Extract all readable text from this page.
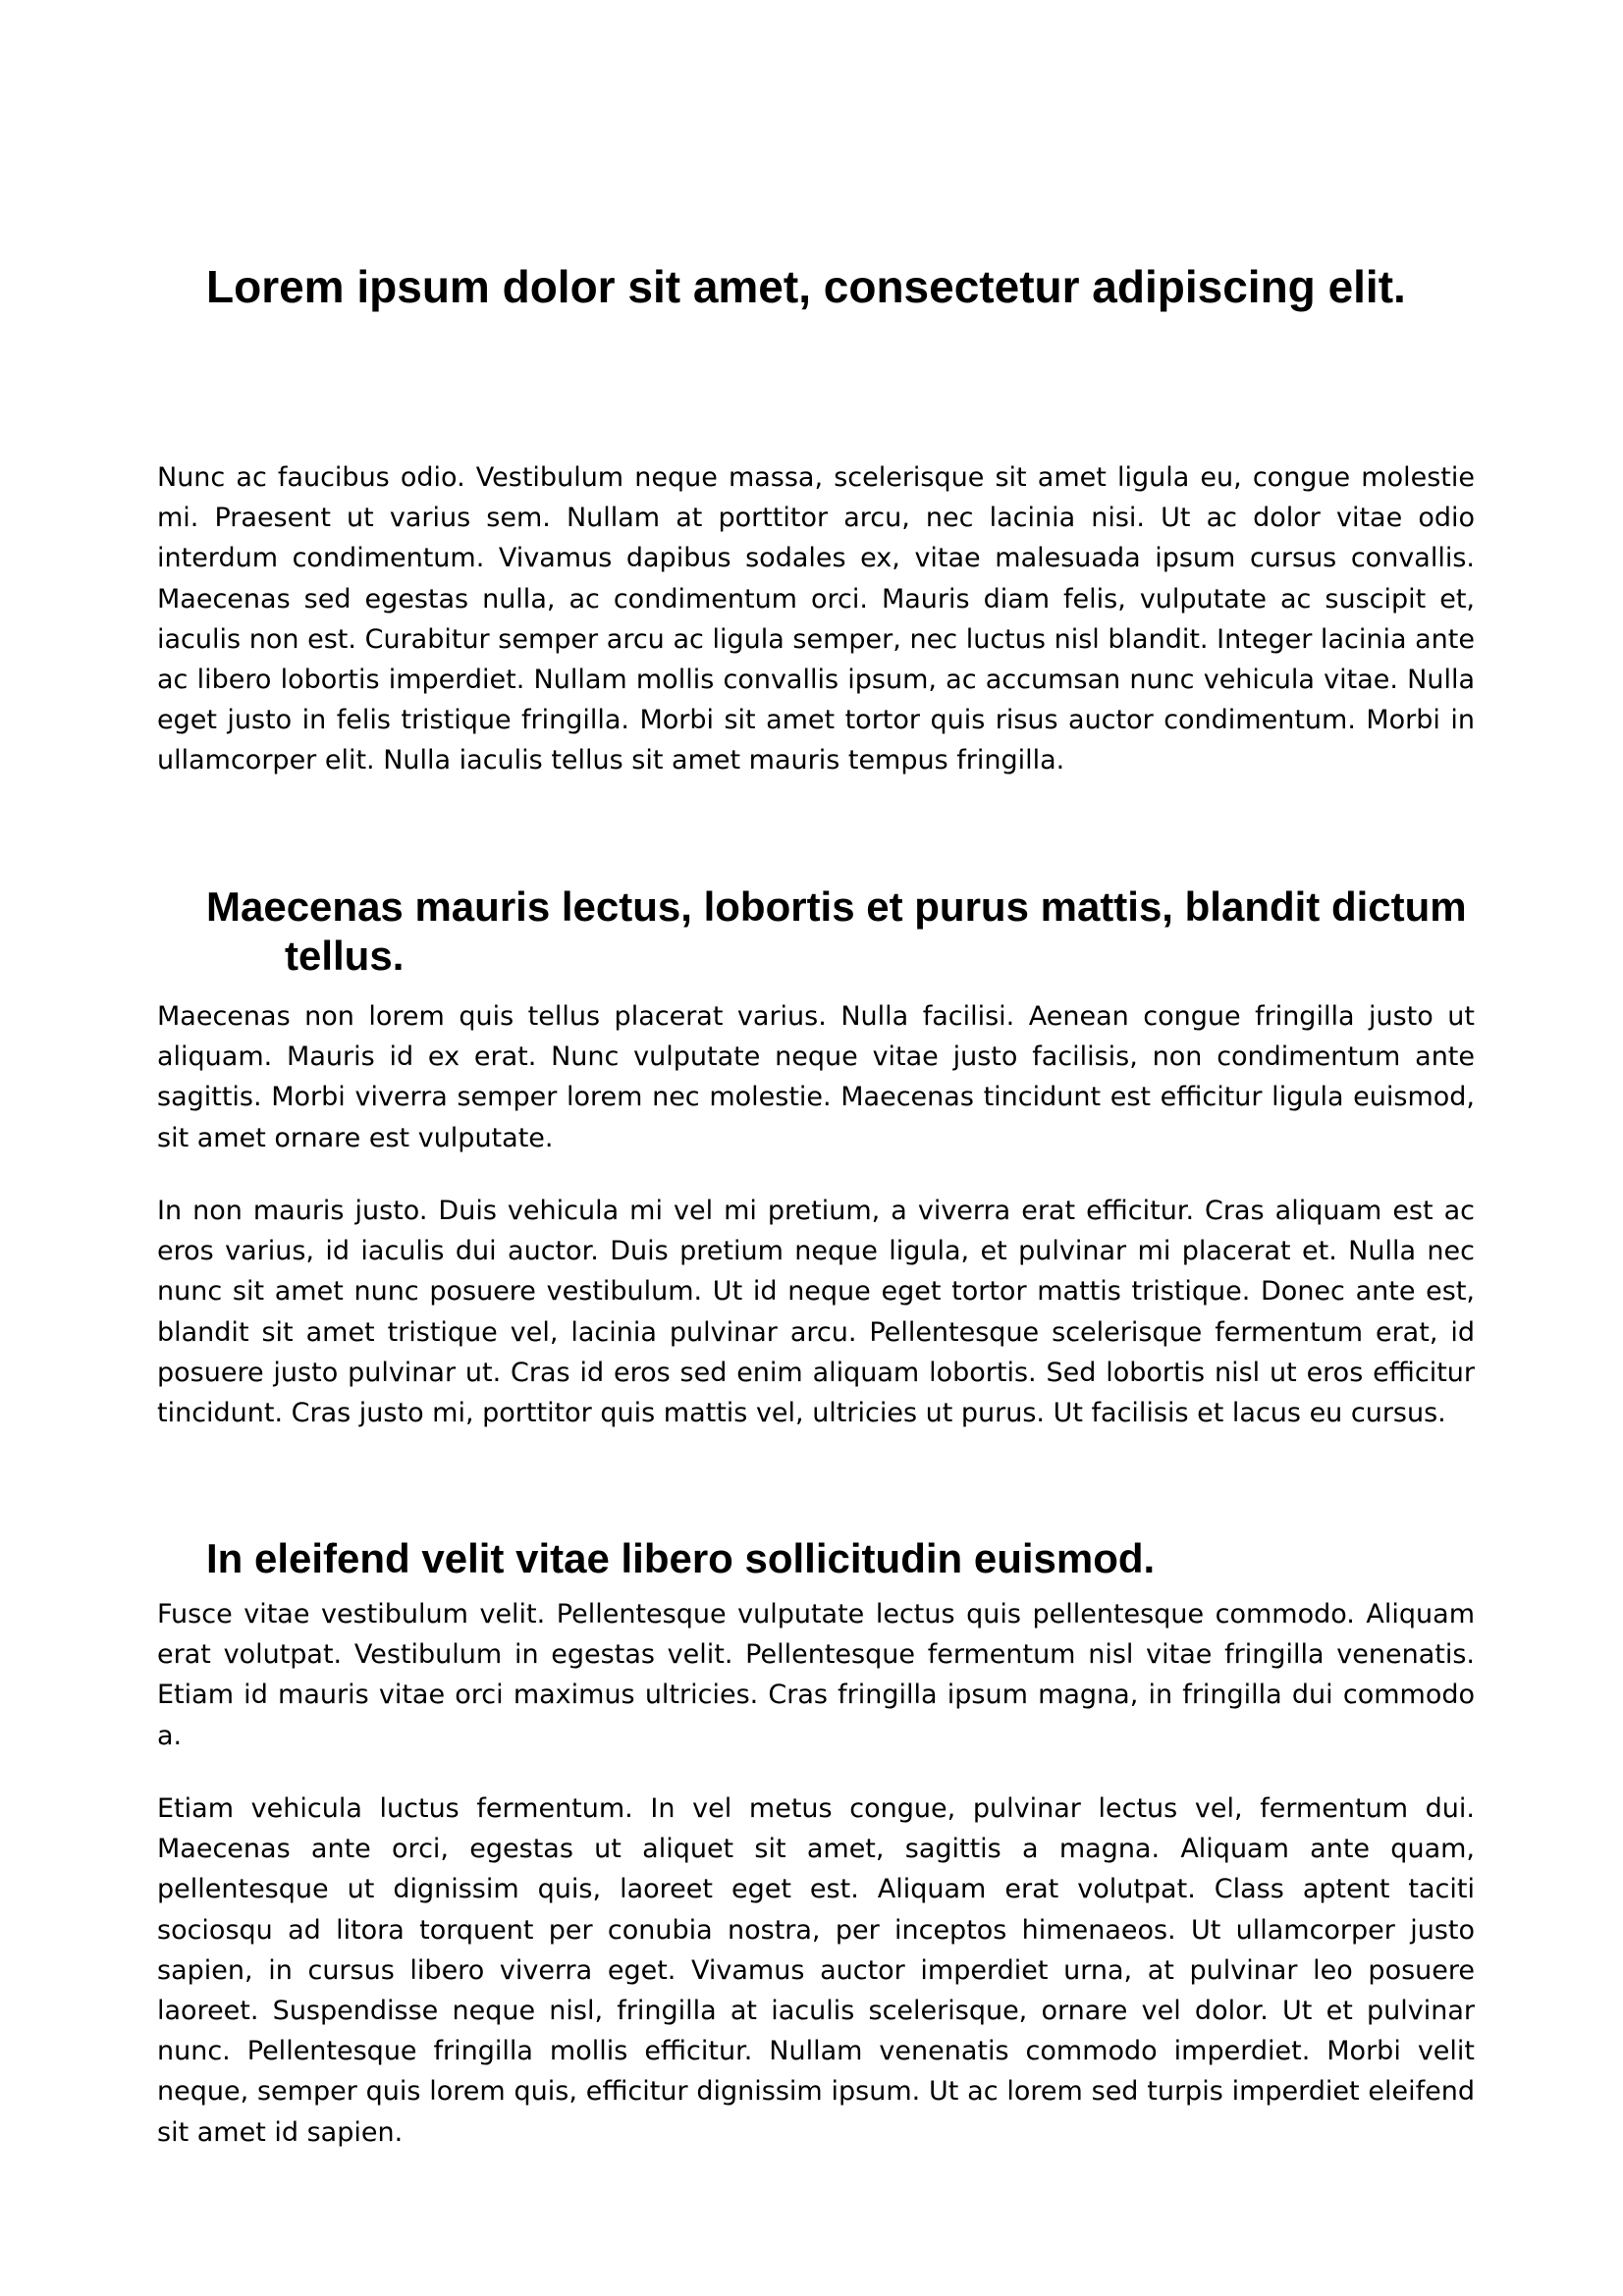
Lorem ipsum dolor sit amet, consectetur adipiscing elit.

Nunc ac faucibus odio. Vestibulum neque massa, scelerisque sit amet ligula eu, congue molestie mi. Praesent ut varius sem. Nullam at porttitor arcu, nec lacinia nisi. Ut ac dolor vitae odio interdum condimentum. Vivamus dapibus sodales ex, vitae malesuada ipsum cursus convallis. Maecenas sed egestas nulla, ac condimentum orci. Mauris diam felis, vulputate ac suscipit et, iaculis non est. Curabitur semper arcu ac ligula semper, nec luctus nisl blandit. Integer lacinia ante ac libero lobortis imperdiet. Nullam mollis convallis ipsum, ac accumsan nunc vehicula vitae. Nulla eget justo in felis tristique fringilla. Morbi sit amet tortor quis risus auctor condimentum. Morbi in ullamcorper elit. Nulla iaculis tellus sit amet mauris tempus fringilla.

Maecenas mauris lectus, lobortis et purus mattis, blandit dictum tellus.

Maecenas non lorem quis tellus placerat varius. Nulla facilisi. Aenean congue fringilla justo ut aliquam. Mauris id ex erat. Nunc vulputate neque vitae justo facilisis, non condimentum ante sagittis. Morbi viverra semper lorem nec molestie. Maecenas tincidunt est efficitur ligula euismod, sit amet ornare est vulputate.

In non mauris justo. Duis vehicula mi vel mi pretium, a viverra erat efficitur. Cras aliquam est ac eros varius, id iaculis dui auctor. Duis pretium neque ligula, et pulvinar mi placerat et. Nulla nec nunc sit amet nunc posuere vestibulum. Ut id neque eget tortor mattis tristique. Donec ante est, blandit sit amet tristique vel, lacinia pulvinar arcu. Pellentesque scelerisque fermentum erat, id posuere justo pulvinar ut. Cras id eros sed enim aliquam lobortis. Sed lobortis nisl ut eros efficitur tincidunt. Cras justo mi, porttitor quis mattis vel, ultricies ut purus. Ut facilisis et lacus eu cursus.

In eleifend velit vitae libero sollicitudin euismod.

Fusce vitae vestibulum velit. Pellentesque vulputate lectus quis pellentesque commodo. Aliquam erat volutpat. Vestibulum in egestas velit. Pellentesque fermentum nisl vitae fringilla venenatis. Etiam id mauris vitae orci maximus ultricies. Cras fringilla ipsum magna, in fringilla dui commodo a.

Etiam vehicula luctus fermentum. In vel metus congue, pulvinar lectus vel, fermentum dui. Maecenas ante orci, egestas ut aliquet sit amet, sagittis a magna. Aliquam ante quam, pellentesque ut dignissim quis, laoreet eget est. Aliquam erat volutpat. Class aptent taciti sociosqu ad litora torquent per conubia nostra, per inceptos himenaeos. Ut ullamcorper justo sapien, in cursus libero viverra eget. Vivamus auctor imperdiet urna, at pulvinar leo posuere laoreet. Suspendisse neque nisl, fringilla at iaculis scelerisque, ornare vel dolor. Ut et pulvinar nunc. Pellentesque fringilla mollis efficitur. Nullam venenatis commodo imperdiet. Morbi velit neque, semper quis lorem quis, efficitur dignissim ipsum. Ut ac lorem sed turpis imperdiet eleifend sit amet id sapien.
